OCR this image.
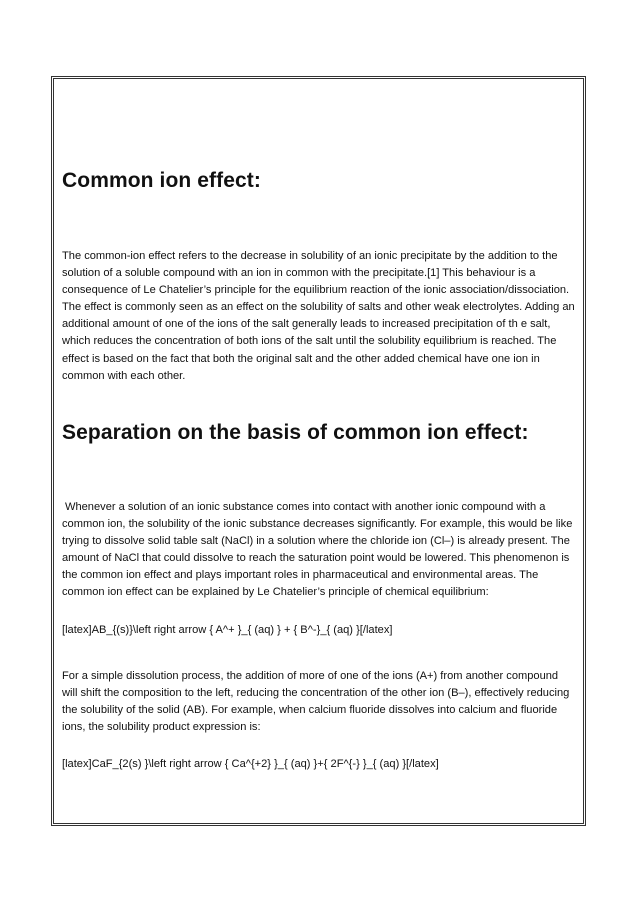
Common ion effect:

The common-ion effect refers to the decrease in solubility of an ionic precipitate by the addition to the solution of a soluble compound with an ion in common with the precipitate.[1] This behaviour is a consequence of Le Chatelier’s principle for the equilibrium reaction of the ionic association/dissociation. The effect is commonly seen as an effect on the solubility of salts and other weak electrolytes. Adding an additional amount of one of the ions of the salt generally leads to increased precipitation of th e salt, which reduces the concentration of both ions of the salt until the solubility equilibrium is reached. The effect is based on the fact that both the original salt and the other added chemical have one ion in common with each other.

Separation on the basis of common ion effect:

Whenever a solution of an ionic substance comes into contact with another ionic compound with a common ion, the solubility of the ionic substance decreases significantly. For example, this would be like trying to dissolve solid table salt (NaCl) in a solution where the chloride ion (Cl–) is already present. The amount of NaCl that could dissolve to reach the saturation point would be lowered. This phenomenon is the common ion effect and plays important roles in pharmaceutical and environmental areas. The common ion effect can be explained by Le Chatelier’s principle of chemical equilibrium:

[latex]AB_{(s)}\left right arrow { A^+ }_{ (aq) } + { B^-}_{ (aq) }[/latex]

For a simple dissolution process, the addition of more of one of the ions (A+) from another compound will shift the composition to the left, reducing the concentration of the other ion (B–), effectively reducing the solubility of the solid (AB). For example, when calcium fluoride dissolves into calcium and fluoride ions, the solubility product expression is:

[latex]CaF_{2(s) }\left right arrow { Ca^{+2} }_{ (aq) }+{ 2F^{-} }_{ (aq) }[/latex]
